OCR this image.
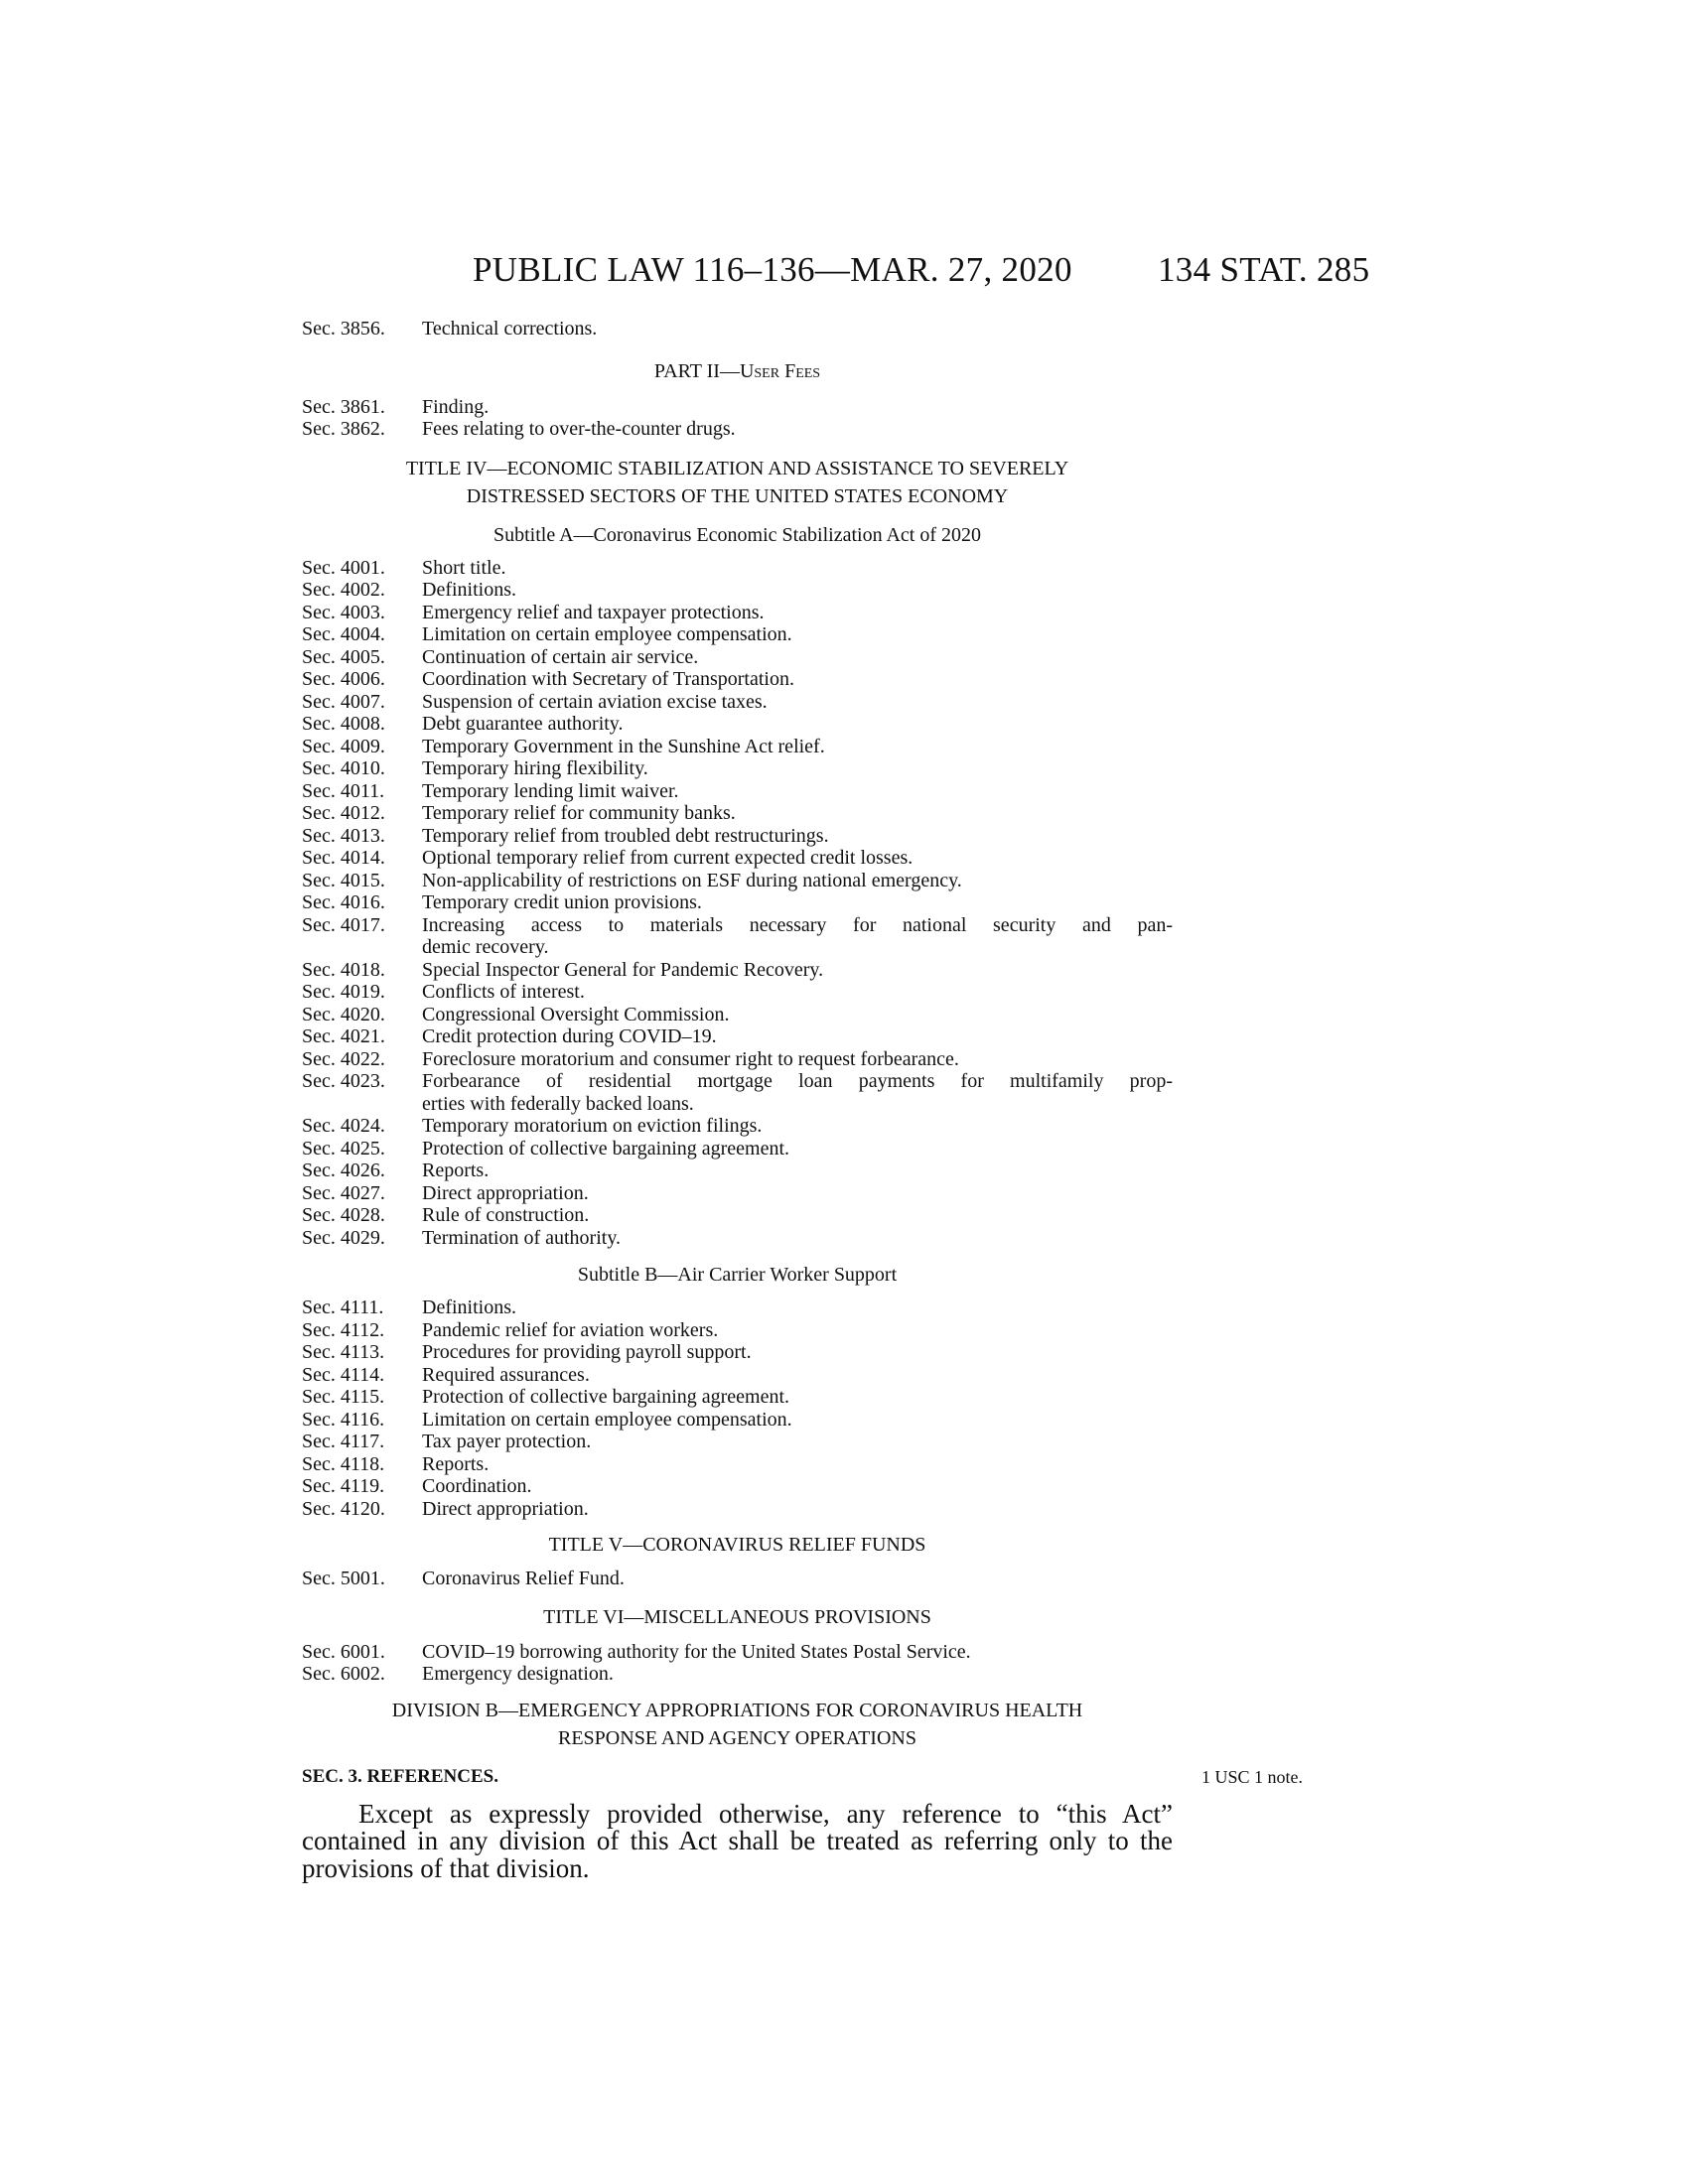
PUBLIC LAW 116–136—MAR. 27, 2020 134 STAT. 285
Sec. 3856.	Technical corrections.
PART II—User Fees
Sec. 3861.	Finding.
Sec. 3862.	Fees relating to over-the-counter drugs.
TITLE IV—ECONOMIC STABILIZATION AND ASSISTANCE TO SEVERELY
DISTRESSED SECTORS OF THE UNITED STATES ECONOMY
Subtitle A—Coronavirus Economic Stabilization Act of 2020
Sec. 4001.	Short title.
Sec. 4002.	Definitions.
Sec. 4003.	Emergency relief and taxpayer protections.
Sec. 4004.	Limitation on certain employee compensation.
Sec. 4005.	Continuation of certain air service.
Sec. 4006.	Coordination with Secretary of Transportation.
Sec. 4007.	Suspension of certain aviation excise taxes.
Sec. 4008.	Debt guarantee authority.
Sec. 4009.	Temporary Government in the Sunshine Act relief.
Sec. 4010.	Temporary hiring flexibility.
Sec. 4011.	Temporary lending limit waiver.
Sec. 4012.	Temporary relief for community banks.
Sec. 4013.	Temporary relief from troubled debt restructurings.
Sec. 4014.	Optional temporary relief from current expected credit losses.
Sec. 4015.	Non-applicability of restrictions on ESF during national emergency.
Sec. 4016.	Temporary credit union provisions.
Sec. 4017.	Increasing access to materials necessary for national security and pan-
demic recovery.
Sec. 4018.	Special Inspector General for Pandemic Recovery.
Sec. 4019.	Conflicts of interest.
Sec. 4020.	Congressional Oversight Commission.
Sec. 4021.	Credit protection during COVID–19.
Sec. 4022.	Foreclosure moratorium and consumer right to request forbearance.
Sec. 4023.	Forbearance of residential mortgage loan payments for multifamily prop-
erties with federally backed loans.
Sec. 4024.	Temporary moratorium on eviction filings.
Sec. 4025.	Protection of collective bargaining agreement.
Sec. 4026.	Reports.
Sec. 4027.	Direct appropriation.
Sec. 4028.	Rule of construction.
Sec. 4029.	Termination of authority.
Subtitle B—Air Carrier Worker Support
Sec. 4111.	Definitions.
Sec. 4112.	Pandemic relief for aviation workers.
Sec. 4113.	Procedures for providing payroll support.
Sec. 4114.	Required assurances.
Sec. 4115.	Protection of collective bargaining agreement.
Sec. 4116.	Limitation on certain employee compensation.
Sec. 4117.	Tax payer protection.
Sec. 4118.	Reports.
Sec. 4119.	Coordination.
Sec. 4120.	Direct appropriation.
TITLE V—CORONAVIRUS RELIEF FUNDS
Sec. 5001.	Coronavirus Relief Fund.
TITLE VI—MISCELLANEOUS PROVISIONS
Sec. 6001.	COVID–19 borrowing authority for the United States Postal Service.
Sec. 6002.	Emergency designation.
DIVISION B—EMERGENCY APPROPRIATIONS FOR CORONAVIRUS HEALTH
RESPONSE AND AGENCY OPERATIONS
SEC. 3. REFERENCES.	1 USC 1 note.
Except as expressly provided otherwise, any reference to “this Act” contained in any division of this Act shall be treated as referring only to the provisions of that division.
